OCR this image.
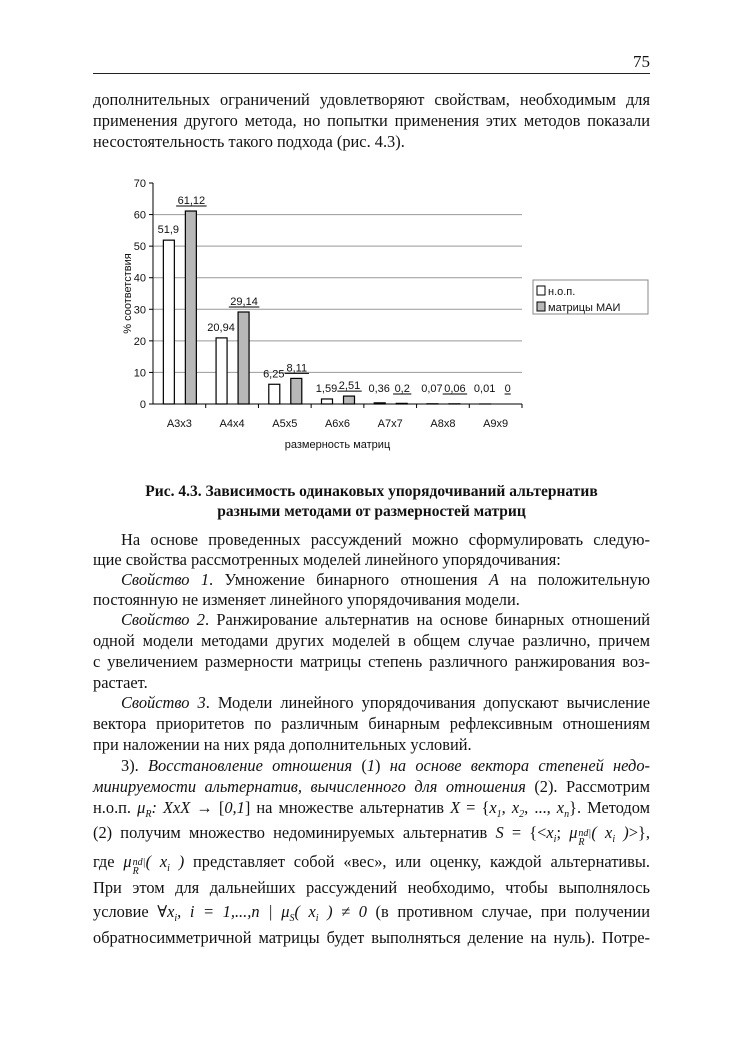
75
дополнительных ограничений удовлетворяют свойствам, необходимым для
применения другого метода, но попытки применения этих методов показали
несостоятельность такого подхода (рис. 4.3).
0
10
20
30
40
50
60
70
A3x3
51,9
61,12
A4x4
20,94
29,14
A5x5
6,25 8,11
A6x6
1,59 2,51
A7x7
0,36 0,2
A8x8
0,07 0,06
A9x9
0,01 0
размерность матриц
% соответствия	н.о.п.
матрицы МАИ
Рис. 4.3. Зависимость одинаковых упорядочиваний альтернатив
разными методами от размерностей матриц
На основе проведенных рассуждений можно сформулировать следую-
щие свойства рассмотренных моделей линейного упорядочивания:
Свойство 1. Умножение бинарного отношения A на положительную
постоянную не изменяет линейного упорядочивания модели.
Свойство 2. Ранжирование альтернатив на основе бинарных отношений
одной модели методами других моделей в общем случае различно, причем
с увеличением размерности матрицы степень различного ранжирования воз-
растает.
Свойство 3. Модели линейного упорядочивания допускают вычисление
вектора приоритетов по различным бинарным рефлексивным отношениям
при наложении на них ряда дополнительных условий.
3). Восстановление отношения (1) на основе вектора степеней недо-
минируемости альтернатив, вычисленного для отношения (2). Рассмотрим
н.о.п. $\mu_R$: XxX → [0,1] на множестве альтернатив $X = \{x_1$, $x_2$, ..., $x_n$}. Методом
(2) получим множество недоминируемых альтернатив $S = \{<x_i$; μnd|R( $x_i$ )>},
где μnd|R( $x_i$ ) представляет собой «вес», или оценку, каждой альтернативы.
При этом для дальнейших рассуждений необходимо, чтобы выполнялось
условие $\forall x_i$, i = 1,...,n | $\mu_S$( $x_i$ ) ≠ 0 (в противном случае, при получении
обратносимметричной матрицы будет выполняться деление на нуль). Потре-
